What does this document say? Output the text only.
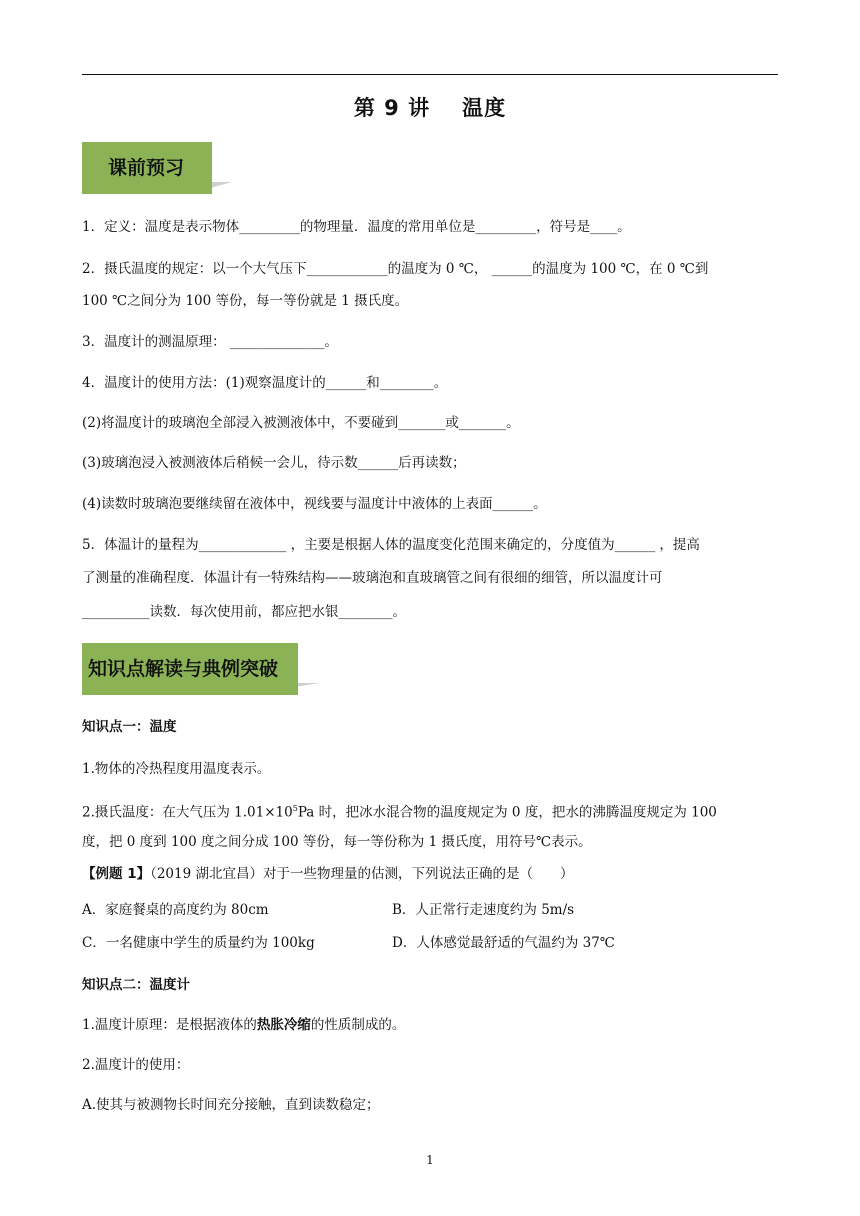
第 9 讲 温度
课前预习
1．定义：温度是表示物体_________的物理量．温度的常用单位是_________，符号是____。
2．摄氏温度的规定：以一个大气压下____________的温度为 0 ℃， ______的温度为 100 ℃，在 0 ℃到
100 ℃之间分为 100 等份，每一等份就是 1 摄氏度。
3．温度计的测温原理： ______________。
4．温度计的使用方法：(1)观察温度计的______和________。
(2)将温度计的玻璃泡全部浸入被测液体中，不要碰到_______或_______。
(3)玻璃泡浸入被测液体后稍候一会儿，待示数______后再读数；
(4)读数时玻璃泡要继续留在液体中，视线要与温度计中液体的上表面______。
5．体温计的量程为_____________ ，主要是根据人体的温度变化范围来确定的，分度值为______ ，提高
了测量的准确程度．体温计有一特殊结构——玻璃泡和直玻璃管之间有很细的细管，所以温度计可
__________读数．每次使用前，都应把水银________。
知识点解读与典例突破
知识点一：温度
1.物体的冷热程度用温度表示。
2.摄氏温度：在大气压为 $1.01\times 10^5Pa$ 时，把冰水混合物的温度规定为 0 度，把水的沸腾温度规定为 100
度，把 0 度到 100 度之间分成 100 等份，每一等份称为 1 摄氏度，用符号℃表示。
【例题 1】（2019 湖北宜昌）对于一些物理量的估测，下列说法正确的是（　　）
A．家庭餐桌的高度约为 80cm	B．人正常行走速度约为 5m/s
C．一名健康中学生的质量约为 100kg	D．人体感觉最舒适的气温约为 37℃
知识点二：温度计
1.温度计原理：是根据液体的热胀冷缩的性质制成的。
2.温度计的使用：
A.使其与被测物长时间充分接触，直到读数稳定；
1
